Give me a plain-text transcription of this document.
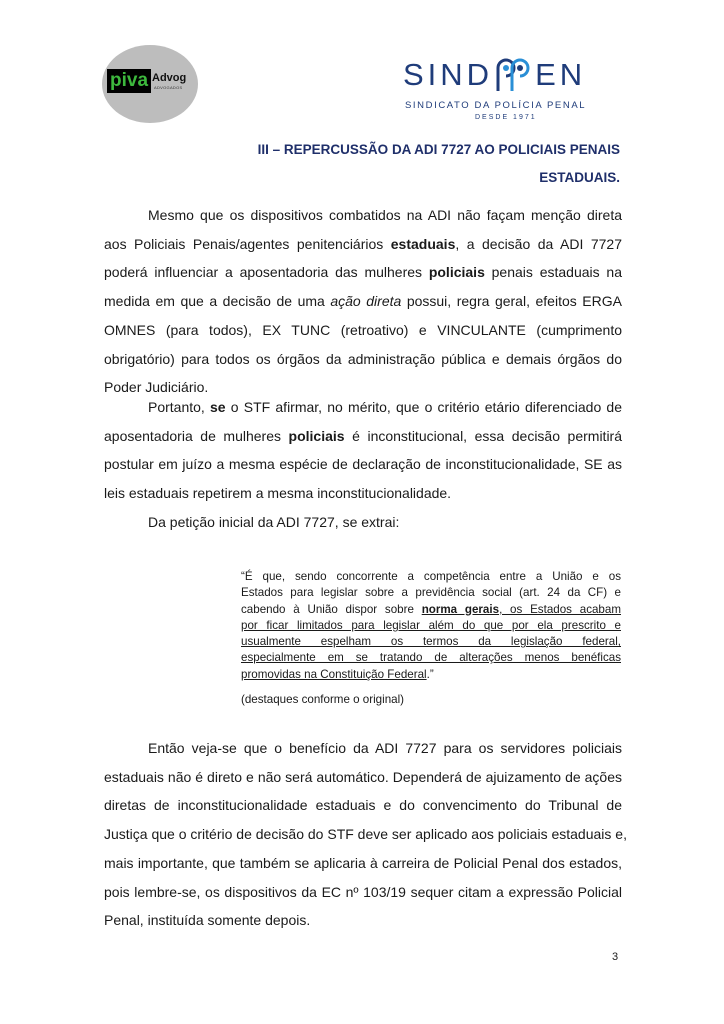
piva Advog
ADVOGADOS	SIND EN
SINDICATO DA POLÍCIA PENAL
DESDE 1971
III – REPERCUSSÃO DA ADI 7727 AO POLICIAIS PENAIS
ESTADUAIS.
Mesmo que os dispositivos combatidos na ADI não façam menção direta
aos Policiais Penais/agentes penitenciários estaduais, a decisão da ADI 7727
poderá influenciar a aposentadoria das mulheres policiais penais estaduais na
medida em que a decisão de uma ação direta possui, regra geral, efeitos ERGA
OMNES (para todos), EX TUNC (retroativo) e VINCULANTE (cumprimento
obrigatório) para todos os órgãos da administração pública e demais órgãos do
Poder Judiciário.
Portanto, se o STF afirmar, no mérito, que o critério etário diferenciado de
aposentadoria de mulheres policiais é inconstitucional, essa decisão permitirá
postular em juízo a mesma espécie de declaração de inconstitucionalidade, SE as
leis estaduais repetirem a mesma inconstitucionalidade.
Da petição inicial da ADI 7727, se extrai:
“É que, sendo concorrente a competência entre a União e os
Estados para legislar sobre a previdência social (art. 24 da CF) e
cabendo à União dispor sobre norma gerais, os Estados acabam
por ficar limitados para legislar além do que por ela prescrito e
usualmente espelham os termos da legislação federal,
especialmente em se tratando de alterações menos benéficas
promovidas na Constituição Federal.”
(destaques conforme o original)
Então veja-se que o benefício da ADI 7727 para os servidores policiais
estaduais não é direto e não será automático. Dependerá de ajuizamento de ações
diretas de inconstitucionalidade estaduais e do convencimento do Tribunal de
Justiça que o critério de decisão do STF deve ser aplicado aos policiais estaduais e,
mais importante, que também se aplicaria à carreira de Policial Penal dos estados,
pois lembre-se, os dispositivos da EC nº 103/19 sequer citam a expressão Policial
Penal, instituída somente depois.
3
